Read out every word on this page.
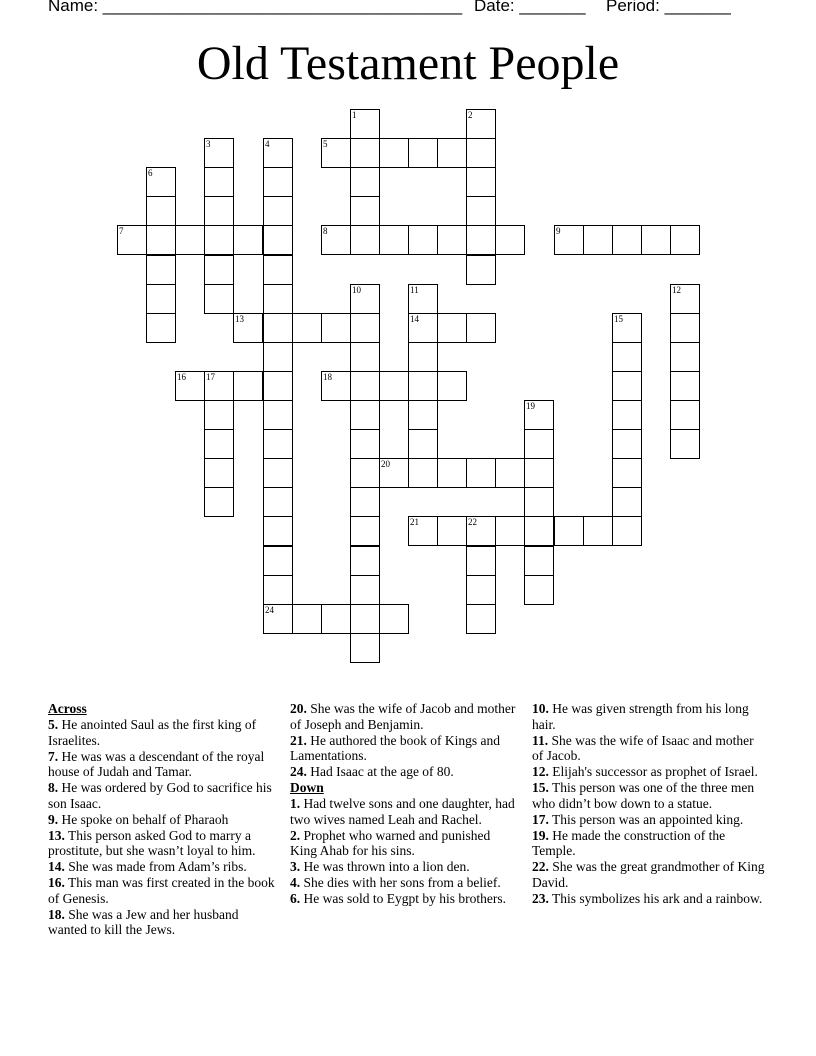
Name: ______________________________________ Date: _______ Period: _______
Old Testament People
5
7	8	9
13	14
16 17	18
20
21	22
24
1	2
3	4
6
10	11	12
15
19
Across
5. He anointed Saul as the first king of Israelites.
7. He was was a descendant of the royal house of Judah and Tamar.
8. He was ordered by God to sacrifice his son Isaac.
9. He spoke on behalf of Pharaoh
13. This person asked God to marry a prostitute, but she wasn’t loyal to him.
14. She was made from Adam’s ribs.
16. This man was first created in the book of Genesis.
18. She was a Jew and her husband wanted to kill the Jews.
20. She was the wife of Jacob and mother of Joseph and Benjamin.
21. He authored the book of Kings and Lamentations.
24. Had Isaac at the age of 80.
Down
1. Had twelve sons and one daughter, had two wives named Leah and Rachel.
2. Prophet who warned and punished King Ahab for his sins.
3. He was thrown into a lion den.
4. She dies with her sons from a belief.
6. He was sold to Eygpt by his brothers.
10. He was given strength from his long hair.
11. She was the wife of Isaac and mother of Jacob.
12. Elijah's successor as prophet of Israel.
15. This person was one of the three men who didn’t bow down to a statue.
17. This person was an appointed king.
19. He made the construction of the Temple.
22. She was the great grandmother of King David.
23. This symbolizes his ark and a rainbow.
